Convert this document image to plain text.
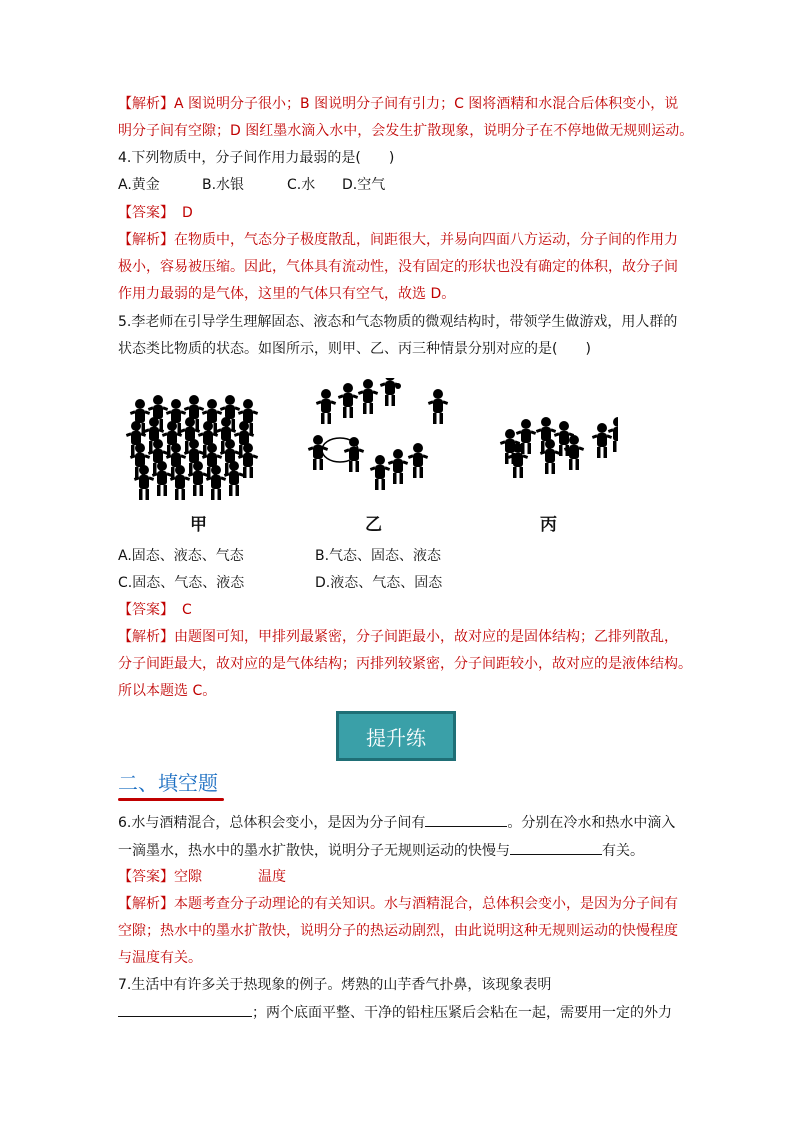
【解析】A 图说明分子很小；B 图说明分子间有引力；C 图将酒精和水混合后体积变小，说
明分子间有空隙；D 图红墨水滴入水中，会发生扩散现象，说明分子在不停地做无规则运动。
4.下列物质中，分子间作用力最弱的是(　　)
A.黄金	B.水银	C.水 D.空气
【答案】 D
【解析】在物质中，气态分子极度散乱，间距很大，并易向四面八方运动，分子间的作用力
极小，容易被压缩。因此，气体具有流动性，没有固定的形状也没有确定的体积，故分子间
作用力最弱的是气体，这里的气体只有空气，故选 D。
5.李老师在引导学生理解固态、液态和气态物质的微观结构时，带领学生做游戏，用人群的
状态类比物质的状态。如图所示，则甲、乙、丙三种情景分别对应的是(　　)
甲	乙	丙
A.固态、液态、气态	B.气态、固态、液态
C.固态、气态、液态	D.液态、气态、固态
【答案】 C
【解析】由题图可知，甲排列最紧密，分子间距最小，故对应的是固体结构；乙排列散乱，
分子间距最大，故对应的是气体结构；丙排列较紧密，分子间距较小，故对应的是液体结构。
所以本题选 C。
提升练
二、填空题
6.水与酒精混合，总体积会变小，是因为分子间有	。分别在冷水和热水中滴入
一滴墨水，热水中的墨水扩散快，说明分子无规则运动的快慢与	有关。
【答案】空隙	温度
【解析】本题考查分子动理论的有关知识。水与酒精混合，总体积会变小，是因为分子间有
空隙；热水中的墨水扩散快，说明分子的热运动剧烈，由此说明这种无规则运动的快慢程度
与温度有关。
7.生活中有许多关于热现象的例子。烤熟的山芋香气扑鼻，该现象表明
；两个底面平整、干净的铅柱压紧后会粘在一起，需要用一定的外力
